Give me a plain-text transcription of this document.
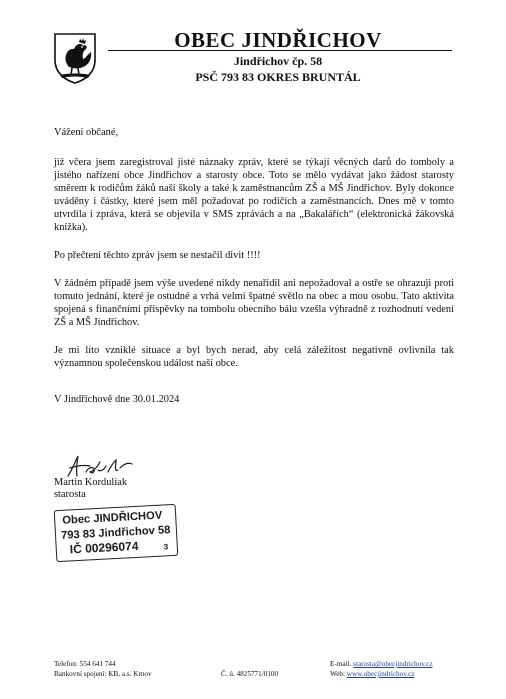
OBEC JINDŘICHOV
Jindřichov čp. 58
PSČ 793 83 OKRES BRUNTÁL

Vážení občané,

již včera jsem zaregistroval jisté náznaky zpráv, které se týkají věcných darů do tomboly a jistého nařízení obce Jindřichov a starosty obce. Toto se mělo vydávat jako žádost starosty směrem k rodičům žáků naší školy a také k zaměstnancům ZŠ a MŠ Jindřichov. Byly dokonce uváděny i částky, které jsem měl požadovat po rodičích a zaměstnancích. Dnes mě v tomto utvrdila i zpráva, která se objevila v SMS zprávách a na „Bakalářích“ (elektronická žákovská knížka).

Po přečtení těchto zpráv jsem se nestačil divit !!!!

V žádném případě jsem výše uvedené nikdy nenařídil ani nepožadoval a ostře se ohrazuji proti tomuto jednání, které je ostudné a vrhá velmi špatné světlo na obec a mou osobu. Tato aktivita spojená s finančními příspěvky na tombolu obecního bálu vzešla výhradně z rozhodnutí vedení ZŠ a MŠ Jindřichov.

Je mi líto vzniklé situace a byl bych nerad, aby celá záležitost negativně ovlivnila tak významnou společenskou událost naší obce.

V Jindřichově dne 30.01.2024
Martin Korduliak
starosta
Obec JINDŘICHOV
793 83 Jindřichov 58
IČ 00296074	3
Telefon: 554 641 744
Bankovní spojení: KB, a.s. Krnov	Č. ú. 4825771/0100
E-mail. starosta@obecjindrichov.cz
Web: www.obecjindrichov.cz
